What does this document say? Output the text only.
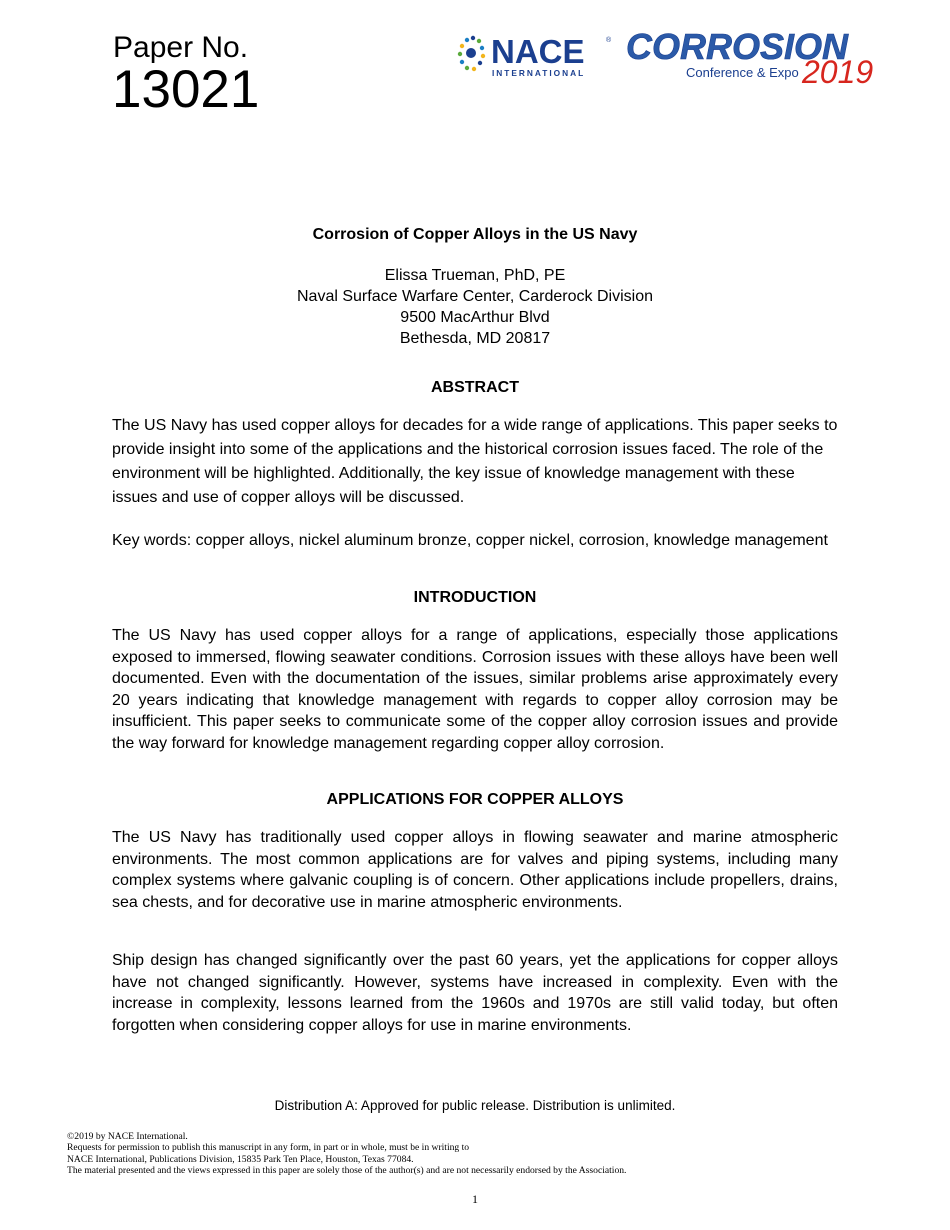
Paper No.
13021
NACE	®
INTERNATIONAL
CORROSION
Conference & Expo 2019
Corrosion of Copper Alloys in the US Navy
Elissa Trueman, PhD, PE
Naval Surface Warfare Center, Carderock Division
9500 MacArthur Blvd
Bethesda, MD 20817
ABSTRACT
The US Navy has used copper alloys for decades for a wide range of applications. This paper seeks to provide insight into some of the applications and the historical corrosion issues faced. The role of the environment will be highlighted. Additionally, the key issue of knowledge management with these issues and use of copper alloys will be discussed.
Key words: copper alloys, nickel aluminum bronze, copper nickel, corrosion, knowledge management
INTRODUCTION
The US Navy has used copper alloys for a range of applications, especially those applications exposed to immersed, flowing seawater conditions. Corrosion issues with these alloys have been well documented. Even with the documentation of the issues, similar problems arise approximately every 20 years indicating that knowledge management with regards to copper alloy corrosion may be insufficient. This paper seeks to communicate some of the copper alloy corrosion issues and provide the way forward for knowledge management regarding copper alloy corrosion.
APPLICATIONS FOR COPPER ALLOYS
The US Navy has traditionally used copper alloys in flowing seawater and marine atmospheric environments. The most common applications are for valves and piping systems, including many complex systems where galvanic coupling is of concern. Other applications include propellers, drains, sea chests, and for decorative use in marine atmospheric environments.
Ship design has changed significantly over the past 60 years, yet the applications for copper alloys have not changed significantly. However, systems have increased in complexity. Even with the increase in complexity, lessons learned from the 1960s and 1970s are still valid today, but often forgotten when considering copper alloys for use in marine environments.
Distribution A: Approved for public release. Distribution is unlimited.
©2019 by NACE International.
Requests for permission to publish this manuscript in any form, in part or in whole, must be in writing to
NACE International, Publications Division, 15835 Park Ten Place, Houston, Texas 77084.
The material presented and the views expressed in this paper are solely those of the author(s) and are not necessarily endorsed by the Association.
1
